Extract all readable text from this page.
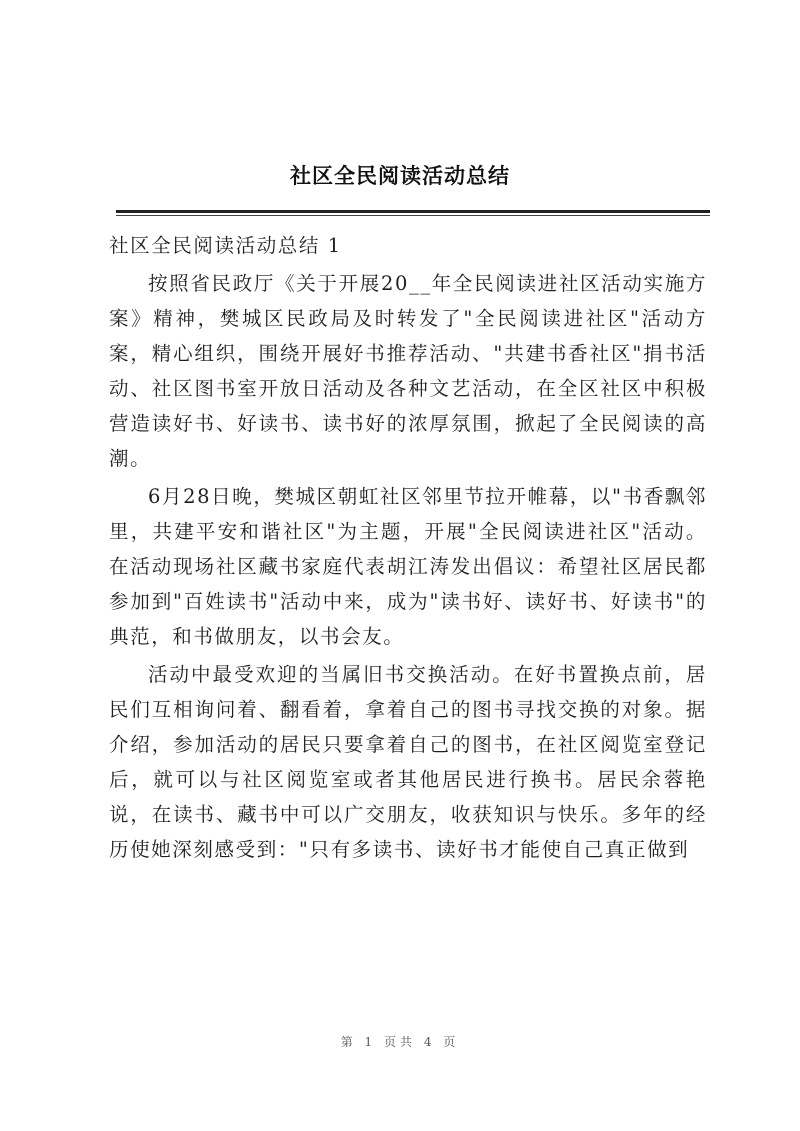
社区全民阅读活动总结

社区全民阅读活动总结 1

按照省民政厅《关于开展20__年全民阅读进社区活动实施方案》精神，樊城区民政局及时转发了"全民阅读进社区"活动方案，精心组织，围绕开展好书推荐活动、"共建书香社区"捐书活动、社区图书室开放日活动及各种文艺活动，在全区社区中积极营造读好书、好读书、读书好的浓厚氛围，掀起了全民阅读的高潮。

6月28日晚，樊城区朝虹社区邻里节拉开帷幕，以"书香飘邻里，共建平安和谐社区"为主题，开展"全民阅读进社区"活动。在活动现场社区藏书家庭代表胡江涛发出倡议：希望社区居民都参加到"百姓读书"活动中来，成为"读书好、读好书、好读书"的典范，和书做朋友，以书会友。

活动中最受欢迎的当属旧书交换活动。在好书置换点前，居民们互相询问着、翻看着，拿着自己的图书寻找交换的对象。据介绍，参加活动的居民只要拿着自己的图书，在社区阅览室登记后，就可以与社区阅览室或者其他居民进行换书。居民余蓉艳说，在读书、藏书中可以广交朋友，收获知识与快乐。多年的经历使她深刻感受到："只有多读书、读好书才能使自己真正做到

第 1 页共 4 页
